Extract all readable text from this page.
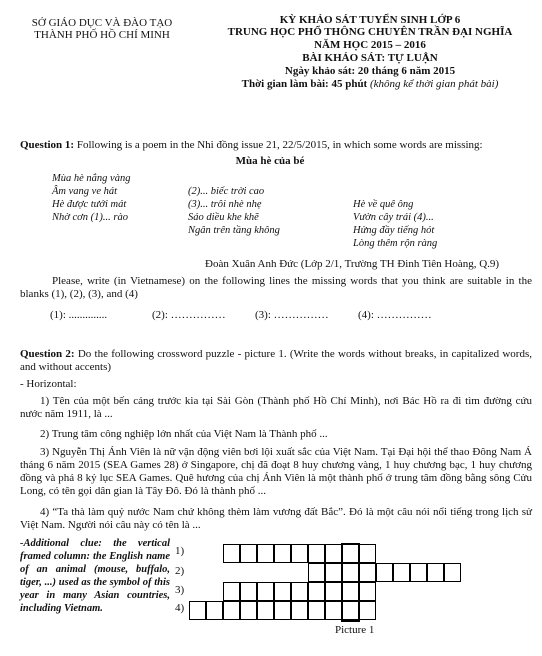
SỞ GIÁO DỤC VÀ ĐÀO TẠO
THÀNH PHỐ HỒ CHÍ MINH
KỲ KHẢO SÁT TUYỂN SINH LỚP 6
TRUNG HỌC PHỔ THÔNG CHUYÊN TRẦN ĐẠI NGHĨA
NĂM HỌC 2015 – 2016
BÀI KHẢO SÁT: TỰ LUẬN
Ngày khảo sát: 20 tháng 6 năm 2015
Thời gian làm bài: 45 phút (không kể thời gian phát bài)
Question 1: Following is a poem in the Nhi đồng issue 21, 22/5/2015, in which some words are missing:
Mùa hè của bé
Mùa hè nắng vàng
Âm vang ve hát
Hè được tưới mát
Nhờ cơn (1)... rào
(2)... biếc trời cao
(3)... trôi nhè nhẹ
Sáo diều khe khẽ
Ngân trên tầng không
Hè về quê ông
Vườn cây trái (4)...
Hửng đầy tiếng hót
Lòng thêm rộn ràng
Đoàn Xuân Anh Đức (Lớp 2/1, Trường TH Đinh Tiên Hoàng, Q.9)
Please, write (in Vietnamese) on the following lines the missing words that you think are suitable in the blanks (1), (2), (3), and (4)
(1): ..............	(2): ……………	(3): ……………	(4): ……………
Question 2: Do the following crossword puzzle - picture 1. (Write the words without breaks, in capitalized words, and without accents)
- Horizontal:
1) Tên của một bến cảng trước kia tại Sài Gòn (Thành phố Hồ Chí Minh), nơi Bác Hồ ra đi tìm đường cứu nước năm 1911, là ...
2) Trung tâm công nghiệp lớn nhất của Việt Nam là Thành phố ...
3) Nguyễn Thị Ánh Viên là nữ vận động viên bơi lội xuất sắc của Việt Nam. Tại Đại hội thể thao Đông Nam Á tháng 6 năm 2015 (SEA Games 28) ở Singapore, chị đã đoạt 8 huy chương vàng, 1 huy chương bạc, 1 huy chương đồng và phá 8 kỷ lục SEA Games. Quê hương của chị Ánh Viên là một thành phố ở trung tâm đồng bằng sông Cửu Long, có tên gọi dân gian là Tây Đô. Đó là thành phố ...
4) “Ta thà làm quỷ nước Nam chứ không thèm làm vương đất Bắc”. Đó là một câu nói nổi tiếng trong lịch sử Việt Nam. Người nói câu này có tên là ...
-Additional clue: the vertical framed column: the English name of an animal (mouse, buffalo, tiger, ...) used as the symbol of this year in many Asian countries, including Vietnam.
1)
2)
3)
4)
Picture 1
